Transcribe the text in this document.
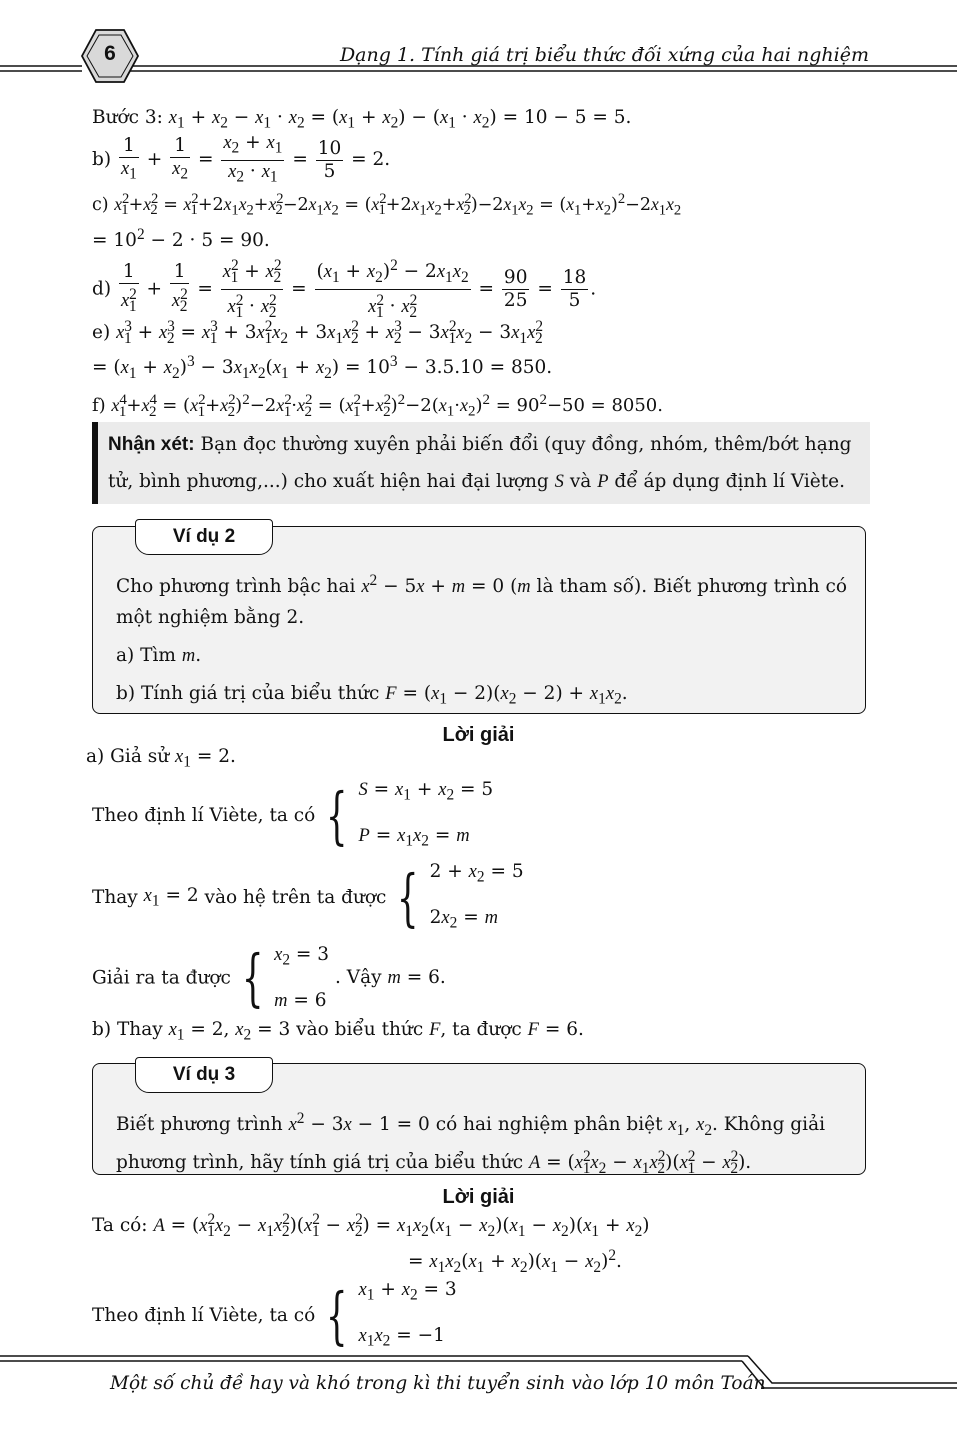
6	Dạng 1. Tính giá trị biểu thức đối xứng của hai nghiệm
Bước 3: $x_1 + x_2 - x_1 \cdot x_2 = (x_1 + x_2) - (x_1 \cdot x_2) = 10 - 5 = 5$.
$b) \frac{1}{x_1} + \frac{1}{x_2} = \frac{x_2 + x_1}{x_2 \cdot x_1} = \frac{10}{5} = 2$.
c) $x^2_1+x^2_2 = x^2_1+2x_1x_2+x^2_2-2x_1x_2 = (x^2_1+2x_1x_2+x^2_2)-2x_1x_2 = (x_1+x_2)^2-2x_1x_2$
= $10^2 - 2 \cdot 5 = 90$.
$d) \frac{1}{x^2_1} + \frac{1}{x^2_2} = \frac{x^2_1 + x^2_2}{x^2_1 \cdot x^2_2} = \frac{(x_1 + x_2)^2 - 2x_1x_2}{x^2_1 \cdot x^2_2} = \frac{90}{25} = \frac{18}{5}$ .
e) $x^3_1 + x^3_2 = x^3_1 + 3x^2_1x_2 + 3x_1x^2_2 + x^3_2 - 3x^2_1x_2 - 3x_1x^2_2$
= $(x_1 + x_2)^3 - 3x_1x_2(x_1 + x_2) = 10^3 - 3.5.10 = 850$.
f) $x^4_1+x^4_2 = (x^2_1+x^2_2)^2-2x^2_1\cdot x^2_2 = (x^2_1+x^2_2)^2-2(x_1\cdot x_2)^2 = 90^2-50 = 8050$.
Nhận xét: Bạn đọc thường xuyên phải biến đổi (quy đồng, nhóm, thêm/bớt hạng
tử, bình phương,...) cho xuất hiện hai đại lượng S và P để áp dụng định lí Viète.
Ví dụ 2
Cho phương trình bậc hai $x^2 - 5x + m = 0$ (m là tham số). Biết phương trình có
một nghiệm bằng 2.
a) Tìm m.
b) Tính giá trị của biểu thức $F = (x_1 - 2)(x_2 - 2) + x_1x_2$.
Lời giải
a) Giả sử $x_1 = 2$.
Theo định lí Viète, ta có { $S = x_1 + x_2 = 5$
$P = x_1x_2 = m$
Thay $x_1 = 2$ vào hệ trên ta được { $2 + x_2 = 5$
$2x_2 = m$
Giải ra ta được { $x_2 = 3$
m = 6
. Vậy m = 6.
b) Thay $x_1 = 2$, $x_2 = 3$ vào biểu thức F, ta được F = 6.
Ví dụ 3
Biết phương trình $x^2 - 3x - 1 = 0$ có hai nghiệm phân biệt $x_1$, $x_2$. Không giải
phương trình, hãy tính giá trị của biểu thức $A = (x^2_1x_2 - x_1x^2_2)(x^2_1 - x^2_2)$.
Lời giải
Ta có: $A = (x^2_1x_2 - x_1x^2_2)(x^2_1 - x^2_2) = x_1x_2(x_1 - x_2)(x_1 - x_2)(x_1 + x_2)$
= $x_1x_2(x_1 + x_2)(x_1 - x_2)^2$.
Theo định lí Viète, ta có { $x_1 + x_2 = 3$
$x_1x_2 = -1$
Một số chủ đề hay và khó trong kì thi tuyển sinh vào lớp 10 môn Toán
